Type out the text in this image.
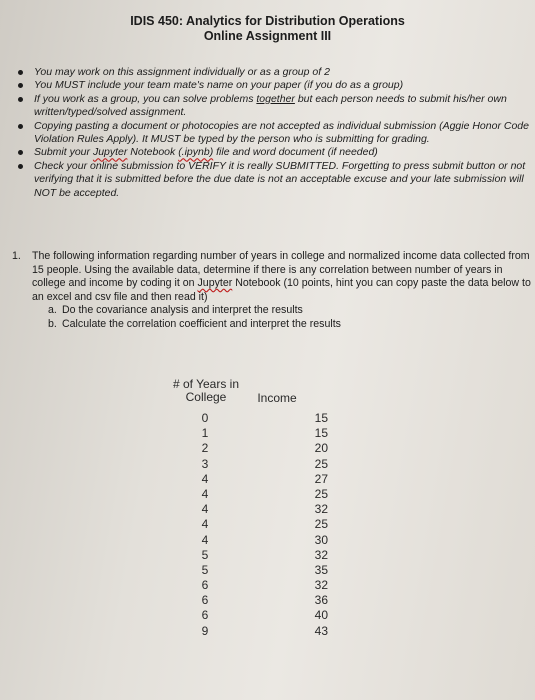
IDIS 450: Analytics for Distribution Operations
Online Assignment III
You may work on this assignment individually or as a group of 2
You MUST include your team mate's name on your paper (if you do as a group)
If you work as a group, you can solve problems together but each person needs to submit his/her own written/typed/solved assignment.
Copying pasting a document or photocopies are not accepted as individual submission (Aggie Honor Code Violation Rules Apply). It MUST be typed by the person who is submitting for grading.
Submit your Jupyter Notebook (.ipynb) file and word document (if needed)
Check your online submission to VERIFY it is really SUBMITTED. Forgetting to press submit button or not verifying that it is submitted before the due date is not an acceptable excuse and your late submission will NOT be accepted.
1. The following information regarding number of years in college and normalized income data collected from 15 people. Using the available data, determine if there is any correlation between number of years in college and income by coding it on Jupyter Notebook (10 points, hint you can copy paste the data below to an excel and csv file and then read it)
a. Do the covariance analysis and interpret the results
b. Calculate the correlation coefficient and interpret the results
# of Years in
College	Income
0
1
2
3
4
4
4
4
4
5
5
6
6
6
9
15
15
20
25
27
25
32
25
30
32
35
32
36
40
43
